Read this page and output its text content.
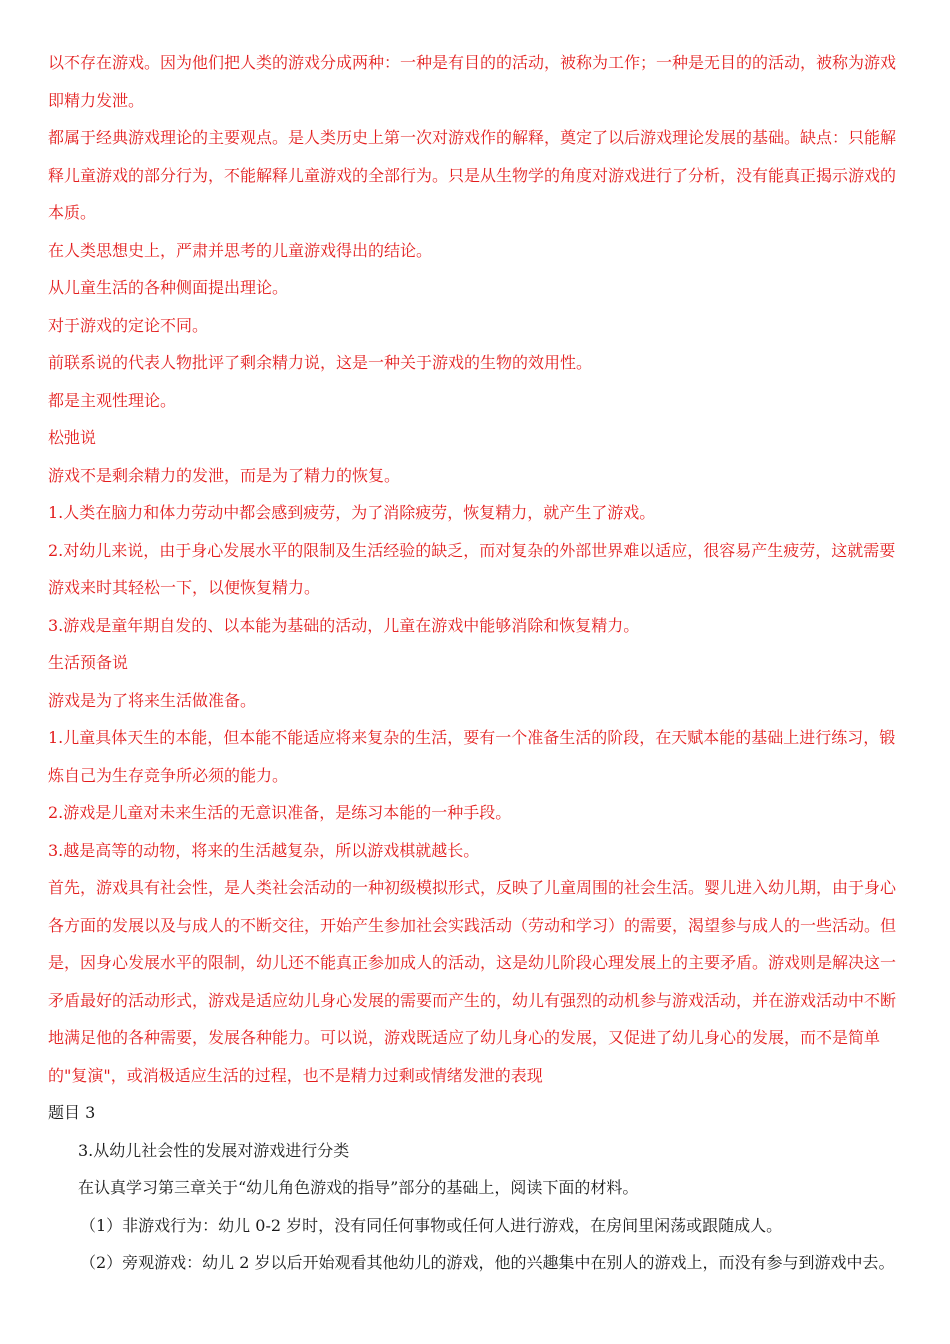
以不存在游戏。因为他们把人类的游戏分成两种：一种是有目的的活动，被称为工作；一种是无目的的活动，被称为游戏即精力发泄。

都属于经典游戏理论的主要观点。是人类历史上第一次对游戏作的解释，奠定了以后游戏理论发展的基础。缺点：只能解释儿童游戏的部分行为，不能解释儿童游戏的全部行为。只是从生物学的角度对游戏进行了分析，没有能真正揭示游戏的本质。

在人类思想史上，严肃并思考的儿童游戏得出的结论。

从儿童生活的各种侧面提出理论。

对于游戏的定论不同。

前联系说的代表人物批评了剩余精力说，这是一种关于游戏的生物的效用性。

都是主观性理论。

松弛说

游戏不是剩余精力的发泄，而是为了精力的恢复。

1.人类在脑力和体力劳动中都会感到疲劳，为了消除疲劳，恢复精力，就产生了游戏。

2.对幼儿来说，由于身心发展水平的限制及生活经验的缺乏，而对复杂的外部世界难以适应，很容易产生疲劳，这就需要游戏来时其轻松一下，以便恢复精力。

3.游戏是童年期自发的、以本能为基础的活动，儿童在游戏中能够消除和恢复精力。

生活预备说

游戏是为了将来生活做准备。

1.儿童具体天生的本能，但本能不能适应将来复杂的生活，要有一个准备生活的阶段，在天赋本能的基础上进行练习，锻炼自己为生存竞争所必须的能力。

2.游戏是儿童对未来生活的无意识准备，是练习本能的一种手段。

3.越是高等的动物，将来的生活越复杂，所以游戏棋就越长。

首先，游戏具有社会性，是人类社会活动的一种初级模拟形式，反映了儿童周围的社会生活。婴儿进入幼儿期，由于身心各方面的发展以及与成人的不断交往，开始产生参加社会实践活动（劳动和学习）的需要，渴望参与成人的一些活动。但是，因身心发展水平的限制，幼儿还不能真正参加成人的活动，这是幼儿阶段心理发展上的主要矛盾。游戏则是解决这一矛盾最好的活动形式，游戏是适应幼儿身心发展的需要而产生的，幼儿有强烈的动机参与游戏活动，并在游戏活动中不断地满足他的各种需要，发展各种能力。可以说，游戏既适应了幼儿身心的发展，又促进了幼儿身心的发展，而不是简单的"复演"，或消极适应生活的过程，也不是精力过剩或情绪发泄的表现

题目 3

3.从幼儿社会性的发展对游戏进行分类

在认真学习第三章关于“幼儿角色游戏的指导”部分的基础上，阅读下面的材料。

（1）非游戏行为：幼儿 0-2 岁时，没有同任何事物或任何人进行游戏，在房间里闲荡或跟随成人。

（2）旁观游戏：幼儿 2 岁以后开始观看其他幼儿的游戏，他的兴趣集中在别人的游戏上，而没有参与到游戏中去。
